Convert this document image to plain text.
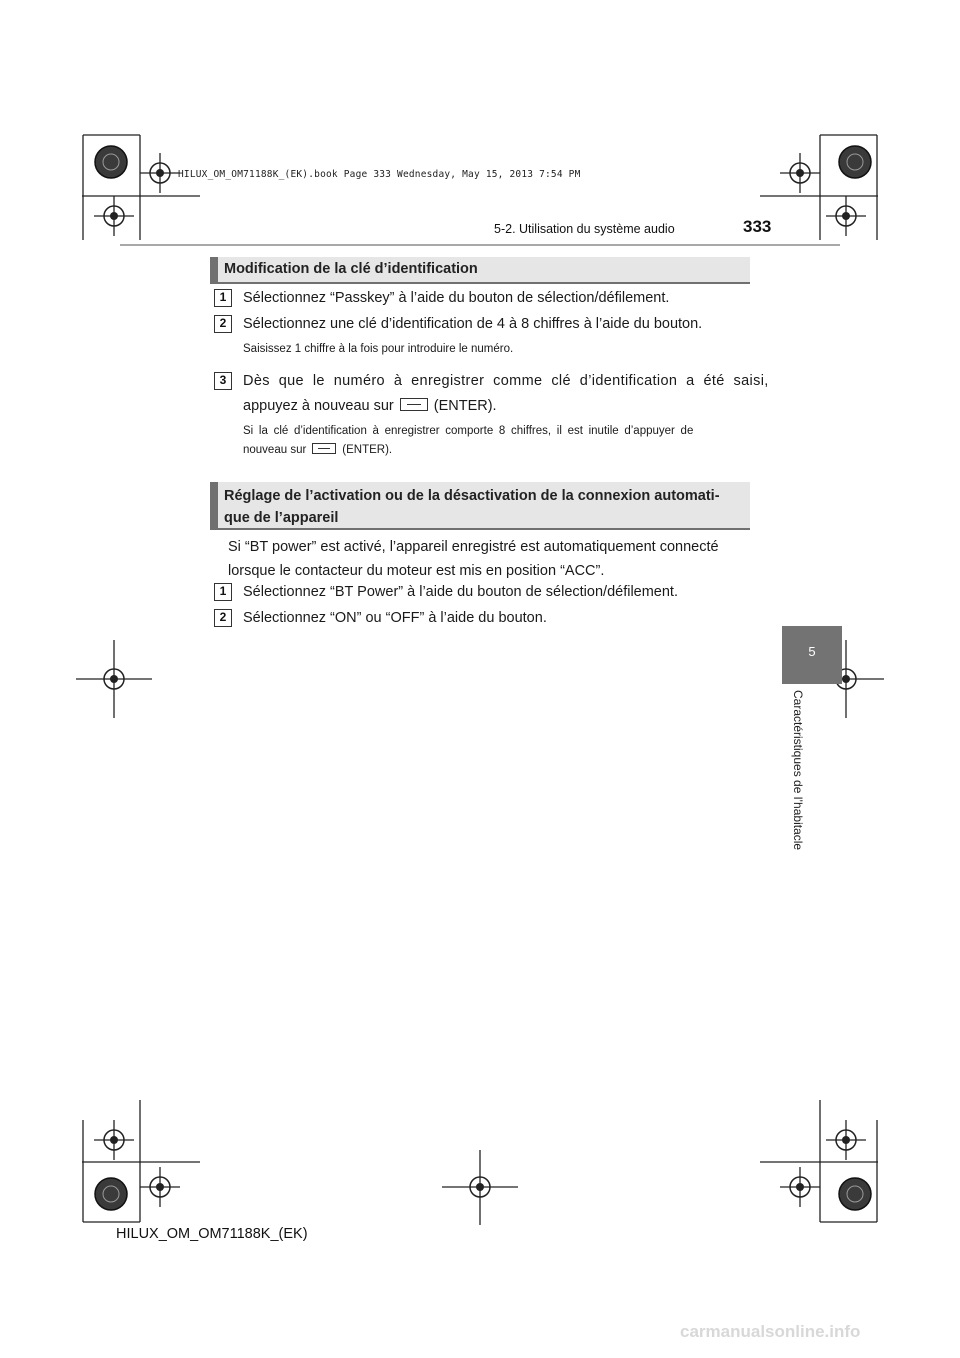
HILUX_OM_OM71188K_(EK).book Page 333 Wednesday, May 15, 2013 7:54 PM
5-2. Utilisation du système audio	333
Modification de la clé d’identification
1	Sélectionnez “Passkey” à l’aide du bouton de sélection/défilement.
2	Sélectionnez une clé d’identification de 4 à 8 chiffres à l’aide du bouton.
Saisissez 1 chiffre à la fois pour introduire le numéro.
3	Dès que le numéro à enregistrer comme clé d’identification a été saisi,
appuyez à nouveau sur	(ENTER).
Si la clé d’identification à enregistrer comporte 8 chiffres, il est inutile d’appuyer de
nouveau sur	(ENTER).
Réglage de l’activation ou de la désactivation de la connexion automati-
que de l’appareil
Si “BT power” est activé, l’appareil enregistré est automatiquement connecté
lorsque le contacteur du moteur est mis en position “ACC”.
1	Sélectionnez “BT Power” à l’aide du bouton de sélection/défilement.
2	Sélectionnez “ON” ou “OFF” à l’aide du bouton.
5
Caractéristiques de l’habitacle
HILUX_OM_OM71188K_(EK)
carmanualsonline.info
